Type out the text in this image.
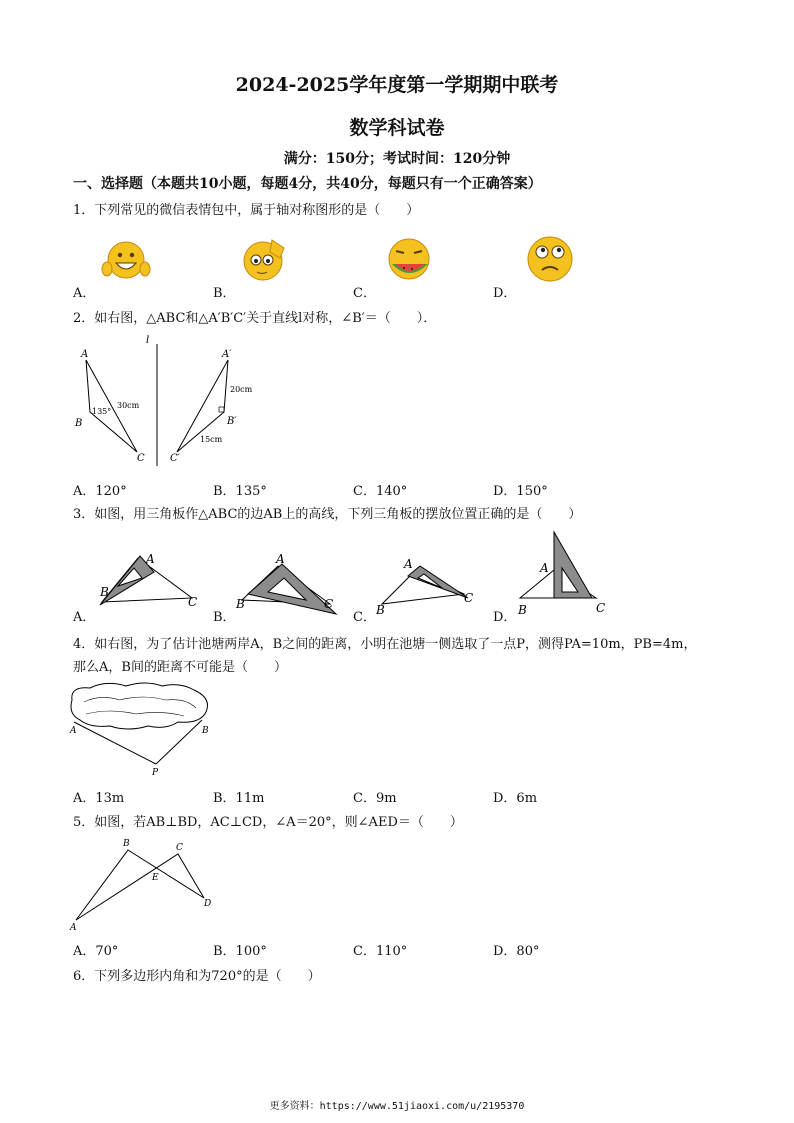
2024-2025学年度第一学期期中联考
数学科试卷
满分：150分；考试时间：120分钟
一、选择题（本题共10小题，每题4分，共40分，每题只有一个正确答案）
1．下列常见的微信表情包中，属于轴对称图形的是（　　）
A．	B．	C．	D．
2．如右图，△ABC和△A′B′C′关于直线l对称，∠B′＝（　　）．
l
A
B
C
135°
30cm
A′
B′
C′
20cm
15cm
A．120°	B．135°	C．140°	D．150°
3．如图，用三角板作△ABC的边AB上的高线，下列三角板的摆放位置正确的是（　　）
A
B
C
A
B	C
A
B
C
A
B	C
A．	B．	C．	D．
4．如右图，为了估计池塘两岸A，B之间的距离，小明在池塘一侧选取了一点P，测得PA=10m，PB=4m，
那么A，B间的距离不可能是（　　）
A	B
P
A．13m	B．11m	C．9m	D．6m
5．如图，若AB⊥BD，AC⊥CD，∠A＝20°，则∠AED＝（　　）
A
B	C
D
E
A．70°	B．100°	C．110°	D．80°
6．下列多边形内角和为720°的是（　　）
更多资料：https://www.51jiaoxi.com/u/2195370
